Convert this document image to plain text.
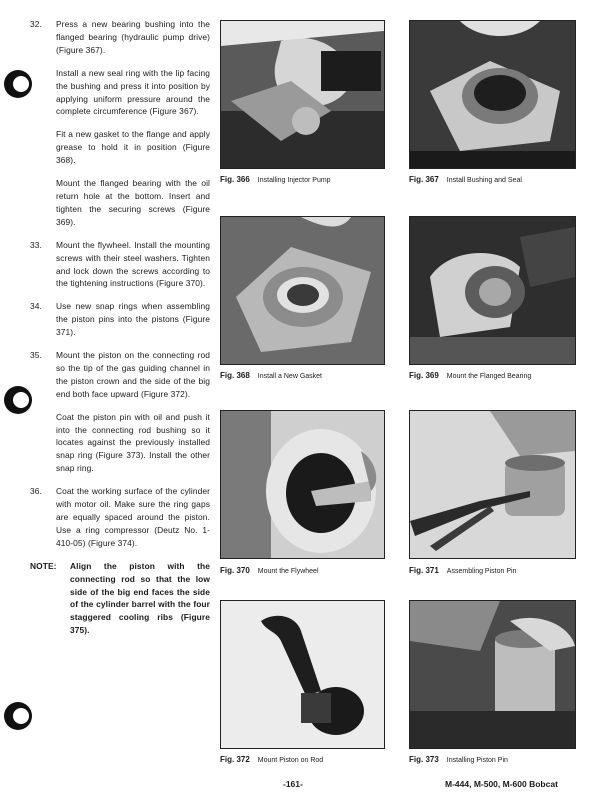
32.	Press a new bearing bushing into the flanged bearing (hydraulic pump drive) (Figure 367).

Install a new seal ring with the lip facing the bushing and press it into position by applying uniform pressure around the complete circumference (Figure 367).

Fit a new gasket to the flange and apply grease to hold it in position (Figure 368).

Mount the flanged bearing with the oil return hole at the bottom. Insert and tighten the securing screws (Figure 369).

33.	Mount the flywheel. Install the mounting screws with their steel washers. Tighten and lock down the screws according to the tightening instructions (Figure 370).

34.	Use new snap rings when assembling the piston pins into the pistons (Figure 371).

35.	Mount the piston on the connecting rod so the tip of the gas guiding channel in the piston crown and the side of the big end both face upward (Figure 372).

Coat the piston pin with oil and push it into the connecting rod bushing so it locates against the previously installed snap ring (Figure 373). Install the other snap ring.

36.	Coat the working surface of the cylinder with motor oil. Make sure the ring gaps are equally spaced around the piston. Use a ring compressor (Deutz No. 1-410-05) (Figure 374).

NOTE:	Align the piston with the connecting rod so that the low side of the big end faces the side of the cylinder barrel with the four staggered cooling ribs (Figure 375).

Fig. 366 Installing Injector Pump	Fig. 367 Install Bushing and Seal
Fig. 368 Install a New Gasket	Fig. 369 Mount the Flanged Bearing
Fig. 370 Mount the Flywheel	Fig. 371 Assembling Piston Pin
Fig. 372 Mount Piston on Rod	Fig. 373 Installing Piston Pin
-161-	M-444, M-500, M-600 Bobcat
